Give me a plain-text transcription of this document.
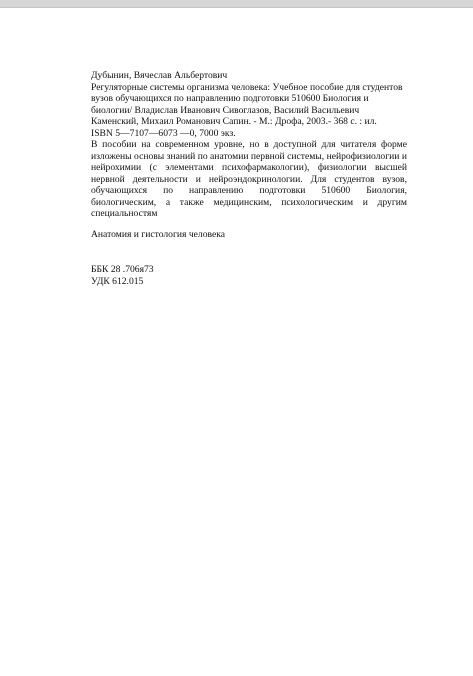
Дубынин, Вячеслав Альбертович
Регуляторные системы организма человека: Учебное пособие для студентов
вузов обучающихся по направлению подготовки 510600 Биология и
биологии/ Владислав Иванович Сивоглазов, Василий Васильевич
Каменский, Михаил Романович Сапин. - М.: Дрофа, 2003.- 368 с. : ил.
ISBN 5—7107—6073 —0, 7000 экз.
В пособии на современном уровне, но в доступной для читателя форме
изложены основы знаний по анатомии первной системы, нейрофизиологии и
нейрохимии (с элементами психофармакологии), физиологии высшей
нервной деятельности и нейроэндокринологии. Для студентов вузов,
обучающихся по направлению подготовки 510600 Биология,
биологическим, а также медицинским, психологическим и другим
специальностям
Анатомия и гистология человека
ББК 28 .706я73
УДК 612.015
